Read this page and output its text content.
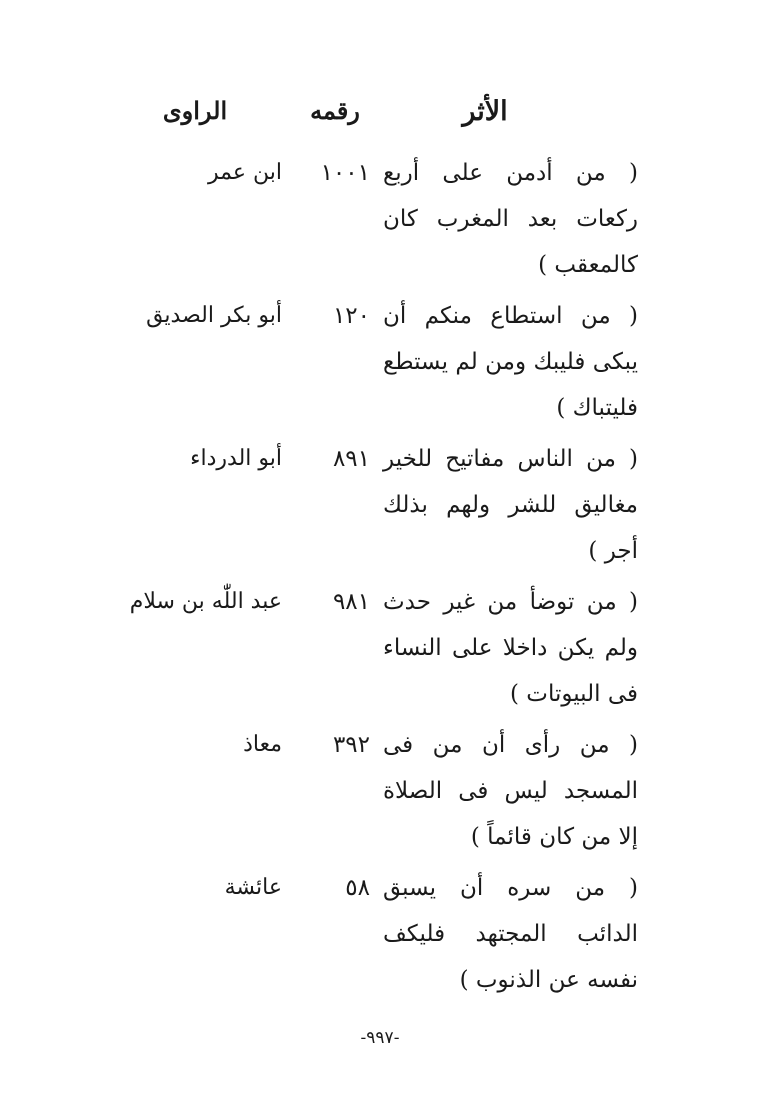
الأثر
رقمه
الراوى
( من أدمن على أربع ركعات بعد المغرب كان كالمعقب )
١٠٠١
ابن عمر
( من استطاع منكم أن يبكى فليبك ومن لم يستطع فليتباك )
١٢٠
أبو بكر الصديق
( من الناس مفاتيح للخير مغاليق للشر ولهم بذلك أجر )
٨٩١
أبو الدرداء
( من توضأ من غير حدث ولم يكن داخلا على النساء فى البيوتات )
٩٨١
عبد اللّٰه بن سلام
( من رأى أن من فى المسجد ليس فى الصلاة إلا من كان قائماً )
٣٩٢
معاذ
( من سره أن يسبق الدائب المجتهد فليكف نفسه عن الذنوب )
٥٨
عائشة
-٩٩٧-
